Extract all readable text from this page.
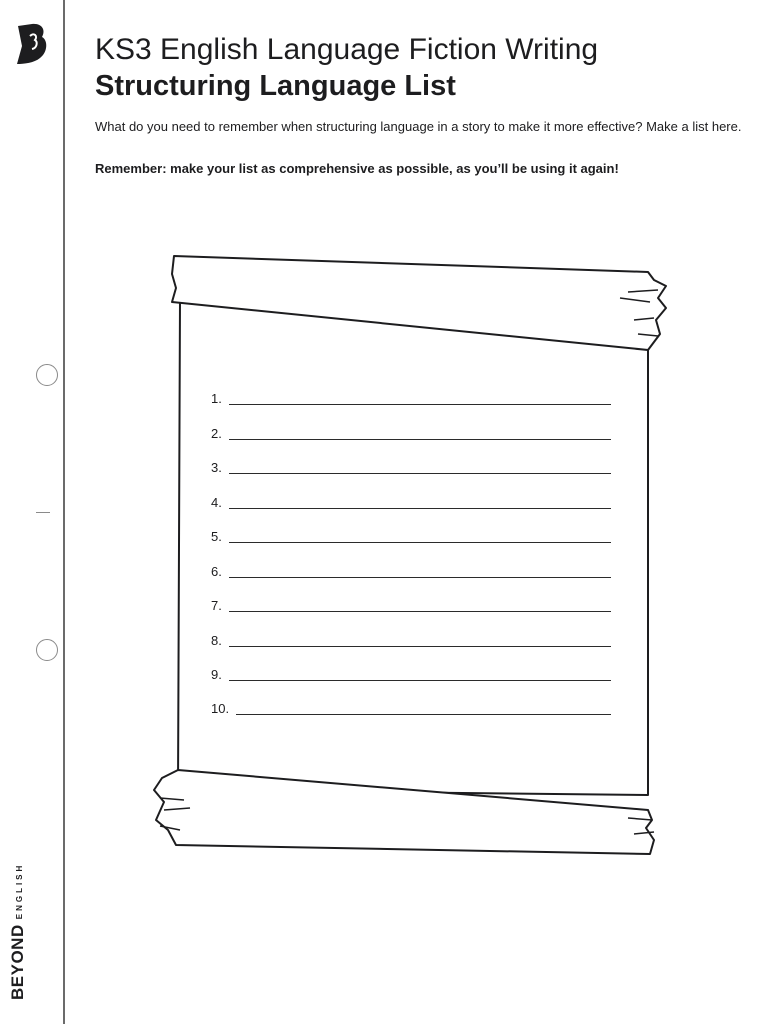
BEYONDENGLISH
KS3 English Language Fiction Writing
Structuring Language List

What do you need to remember when structuring language in a story to make it more effective? Make a list here.

Remember: make your list as comprehensive as possible, as you’ll be using it again!

1.
2.
3.
4.
5.
6.
7.
8.
9.
10.
